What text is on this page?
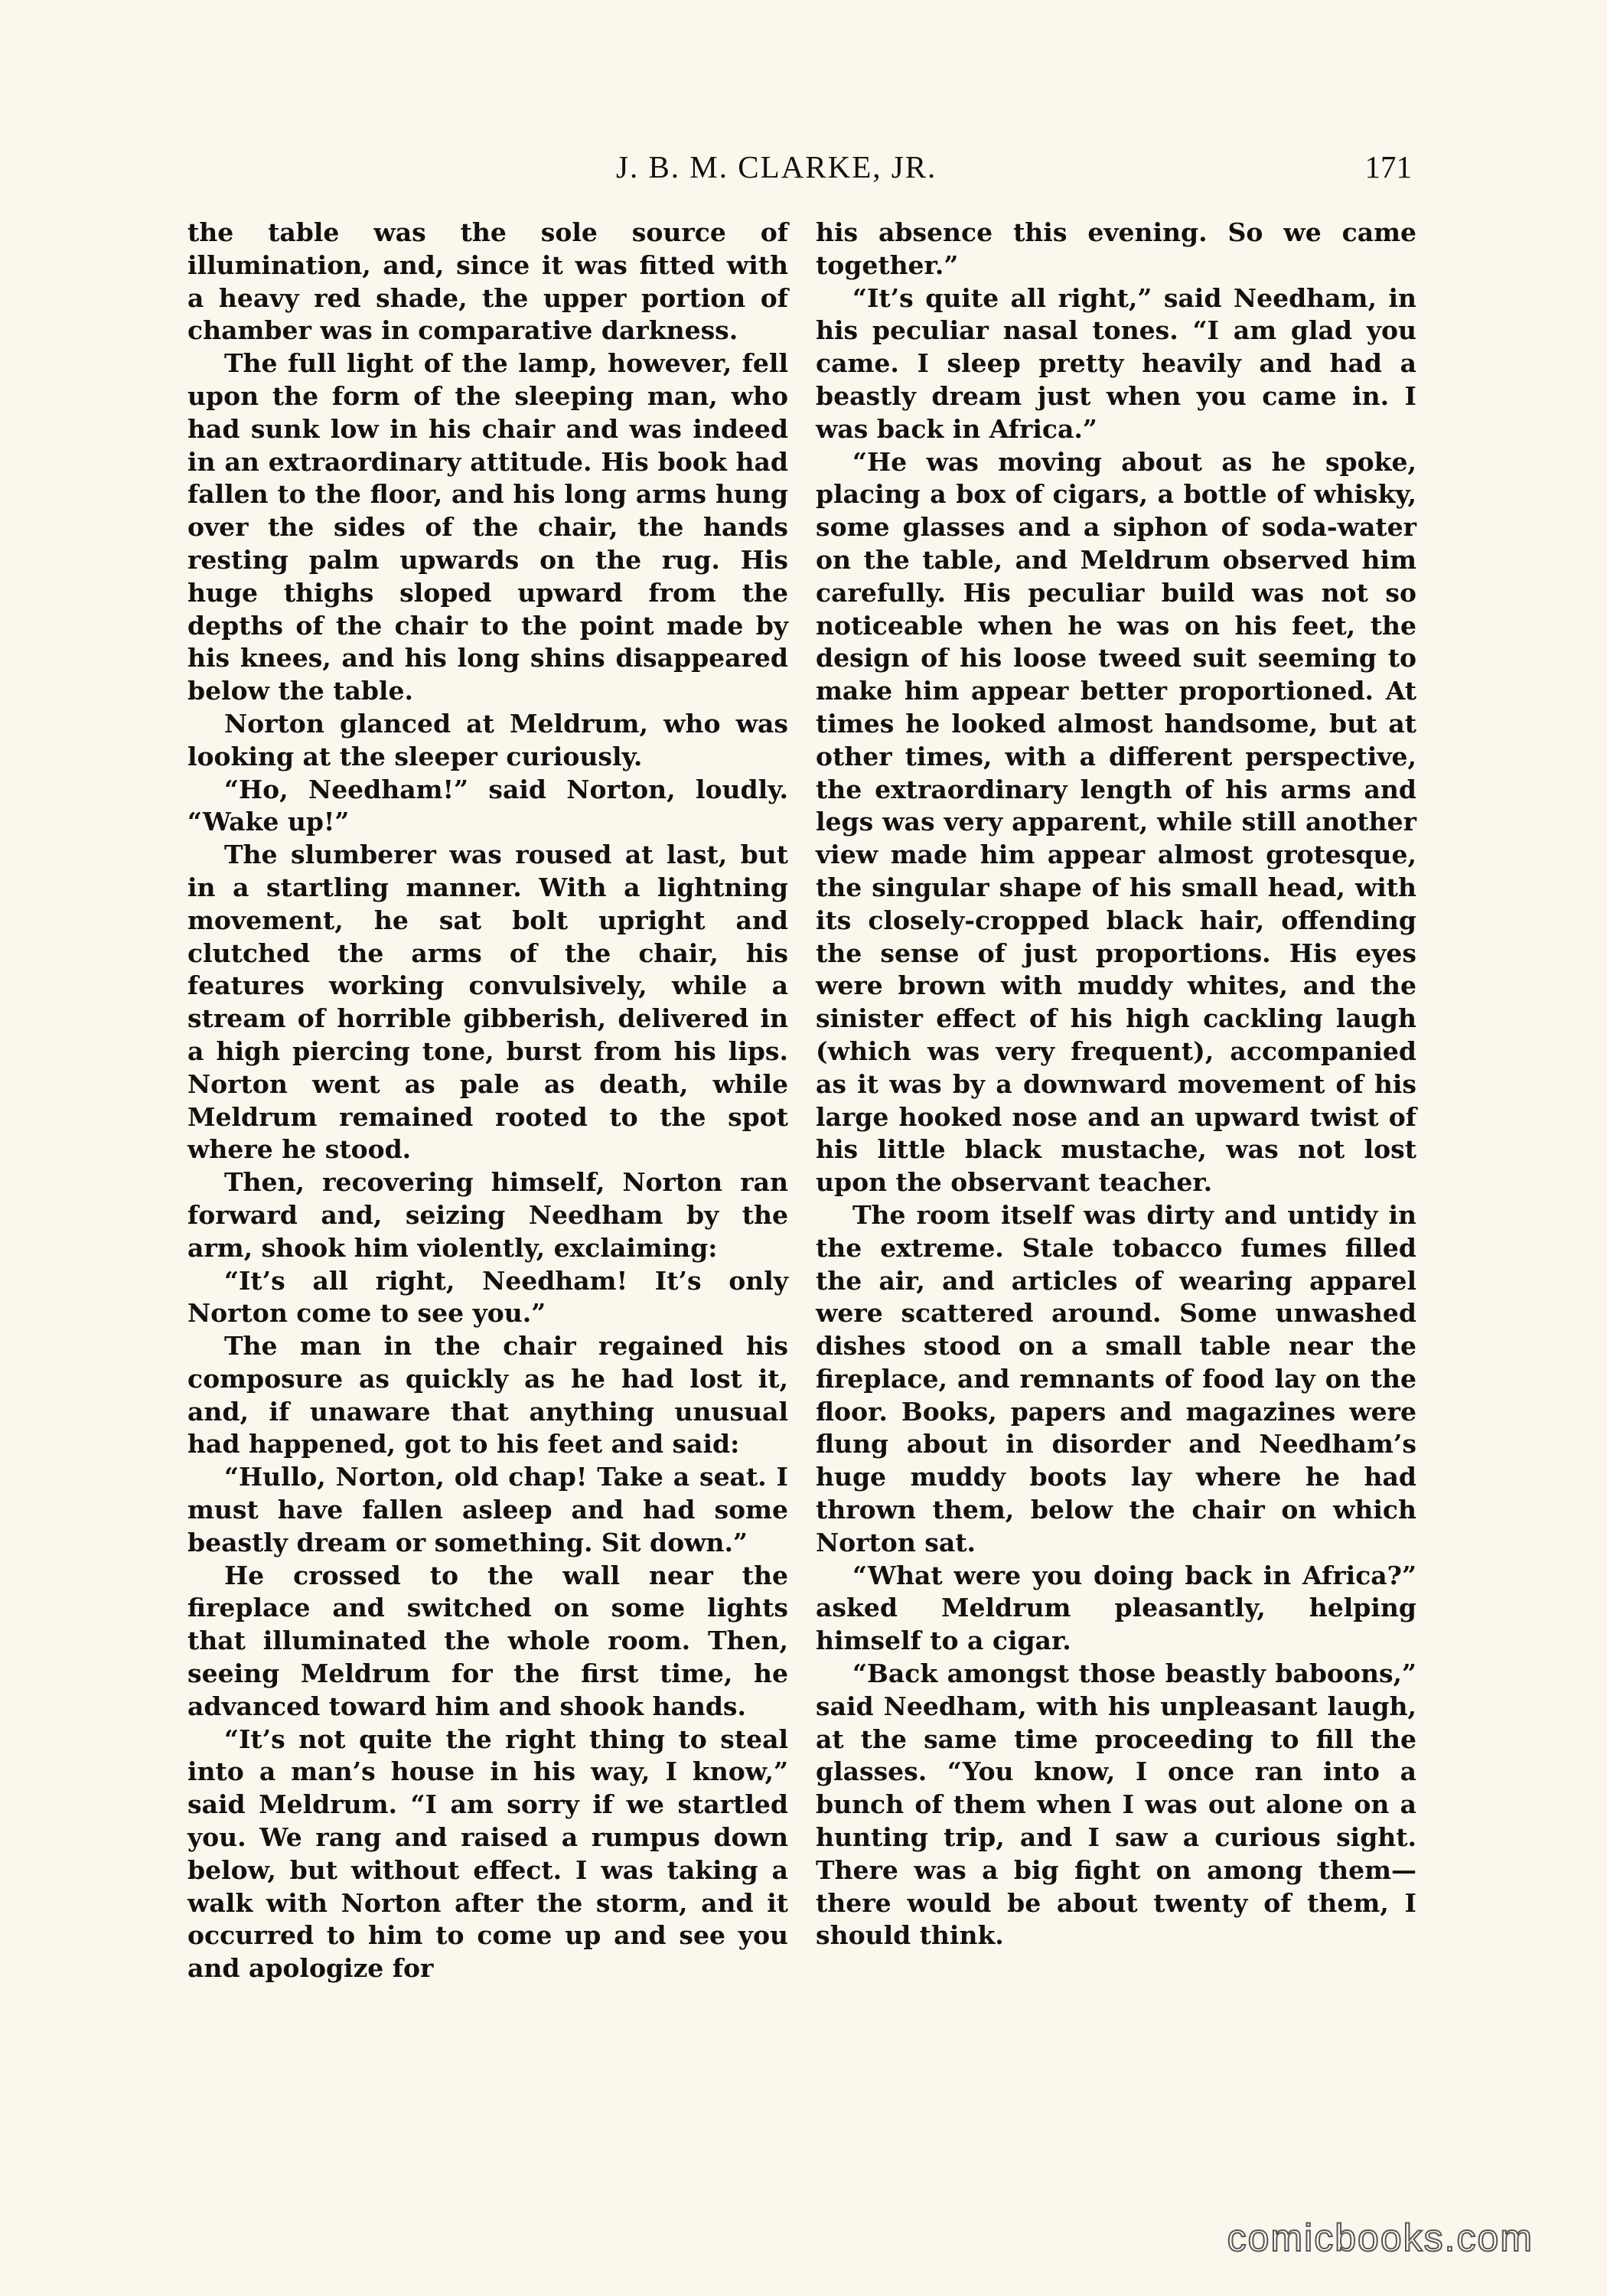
J. B. M. CLARKE, JR.	171

the table was the sole source of illumination, and, since it was fitted with a heavy red shade, the upper portion of chamber was in comparative darkness.

The full light of the lamp, however, fell upon the form of the sleeping man, who had sunk low in his chair and was indeed in an extraordinary attitude. His book had fallen to the floor, and his long arms hung over the sides of the chair, the hands resting palm upwards on the rug. His huge thighs sloped upward from the depths of the chair to the point made by his knees, and his long shins disappeared below the table.

Norton glanced at Meldrum, who was looking at the sleeper curiously.

“Ho, Needham!” said Norton, loudly. “Wake up!”

The slumberer was roused at last, but in a startling manner. With a lightning movement, he sat bolt upright and clutched the arms of the chair, his features working convulsively, while a stream of horrible gibberish, delivered in a high piercing tone, burst from his lips. Norton went as pale as death, while Meldrum remained rooted to the spot where he stood.

Then, recovering himself, Norton ran forward and, seizing Needham by the arm, shook him violently, exclaiming:

“It’s all right, Needham! It’s only Norton come to see you.”

The man in the chair regained his composure as quickly as he had lost it, and, if unaware that anything unusual had happened, got to his feet and said:

“Hullo, Norton, old chap! Take a seat. I must have fallen asleep and had some beastly dream or something. Sit down.”

He crossed to the wall near the fireplace and switched on some lights that illuminated the whole room. Then, seeing Meldrum for the first time, he advanced toward him and shook hands.

“It’s not quite the right thing to steal into a man’s house in his way, I know,” said Meldrum. “I am sorry if we startled you. We rang and raised a rumpus down below, but without effect. I was taking a walk with Norton after the storm, and it occurred to him to come up and see you and apologize for

his absence this evening. So we came together.”

“It’s quite all right,” said Needham, in his peculiar nasal tones. “I am glad you came. I sleep pretty heavily and had a beastly dream just when you came in. I was back in Africa.”

“He was moving about as he spoke, placing a box of cigars, a bottle of whisky, some glasses and a siphon of soda-water on the table, and Meldrum observed him carefully. His peculiar build was not so noticeable when he was on his feet, the design of his loose tweed suit seeming to make him appear better proportioned. At times he looked almost handsome, but at other times, with a different perspective, the extraordinary length of his arms and legs was very apparent, while still another view made him appear almost grotesque, the singular shape of his small head, with its closely-cropped black hair, offending the sense of just proportions. His eyes were brown with muddy whites, and the sinister effect of his high cackling laugh (which was very frequent), accompanied as it was by a downward movement of his large hooked nose and an upward twist of his little black mustache, was not lost upon the observant teacher.

The room itself was dirty and untidy in the extreme. Stale tobacco fumes filled the air, and articles of wearing apparel were scattered around. Some unwashed dishes stood on a small table near the fireplace, and remnants of food lay on the floor. Books, papers and magazines were flung about in disorder and Needham’s huge muddy boots lay where he had thrown them, below the chair on which Norton sat.

“What were you doing back in Africa?” asked Meldrum pleasantly, helping himself to a cigar.

“Back amongst those beastly baboons,” said Needham, with his unpleasant laugh, at the same time proceeding to fill the glasses. “You know, I once ran into a bunch of them when I was out alone on a hunting trip, and I saw a curious sight. There was a big fight on among them—there would be about twenty of them, I should think.

comicbooks.com
